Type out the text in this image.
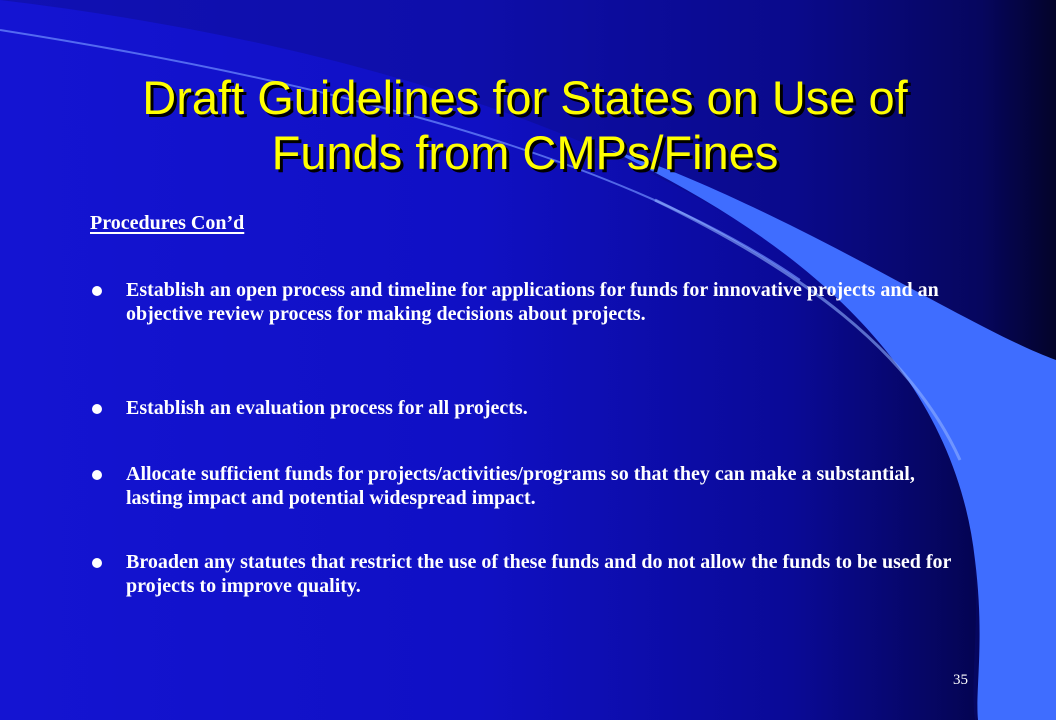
Draft Guidelines for States on Use of
Funds from CMPs/Fines
Procedures Con’d
Establish an open process and timeline for applications for funds for innovative projects and an objective review process for making decisions about projects.
Establish an evaluation process for all projects.
Allocate sufficient funds for projects/activities/programs so that they can make a substantial, lasting impact and potential widespread impact.
Broaden any statutes that restrict the use of these funds and do not allow the funds to be used for projects to improve quality.
35
